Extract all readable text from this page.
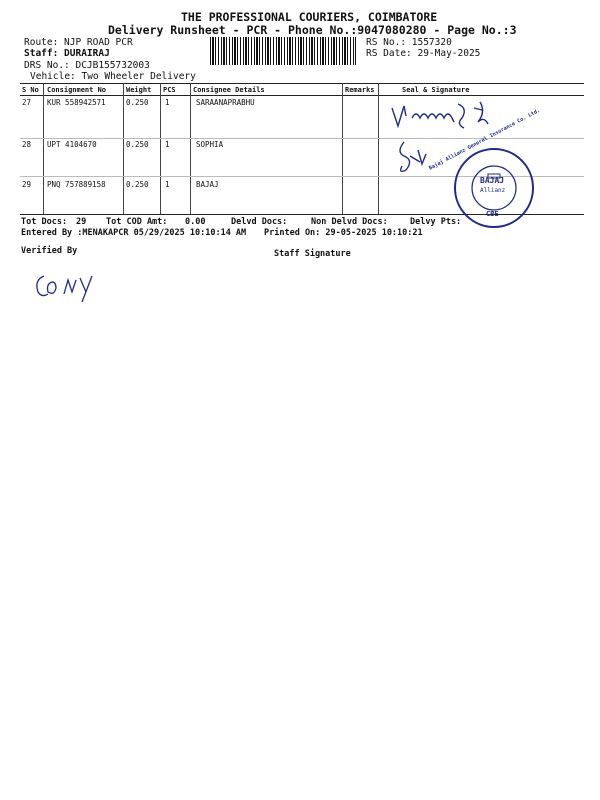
THE PROFESSIONAL COURIERS, COIMBATORE
Delivery Runsheet - PCR - Phone No.:9047080280 - Page No.:3
Route: NJP ROAD PCR
Staff: DURAIRAJ
DRS No.: DCJB155732003
Vehicle: Two Wheeler Delivery
RS No.: 1557320
RS Date: 29-May-2025
S No Consignment No	Weight PCS Consignee Details	Remarks	Seal & Signature
27 KUR 558942571	0.250 1	SARAANAPRABHU
28 UPT 4104670	0.250 1	SOPHIA
29 PNQ 757889158	0.250 1	BAJAJ
Bajaj Allianz General Insurance Co. Ltd.
BAJAJ
Allianz
CBE
Tot Docs: 29 Tot COD Amt: 0.00	Delvd Docs:	Non Delvd Docs:	Delvy Pts:
Entered By :MENAKAPCR 05/29/2025 10:10:14 AM Printed On: 29-05-2025 10:10:21
Verified By	Staff Signature
